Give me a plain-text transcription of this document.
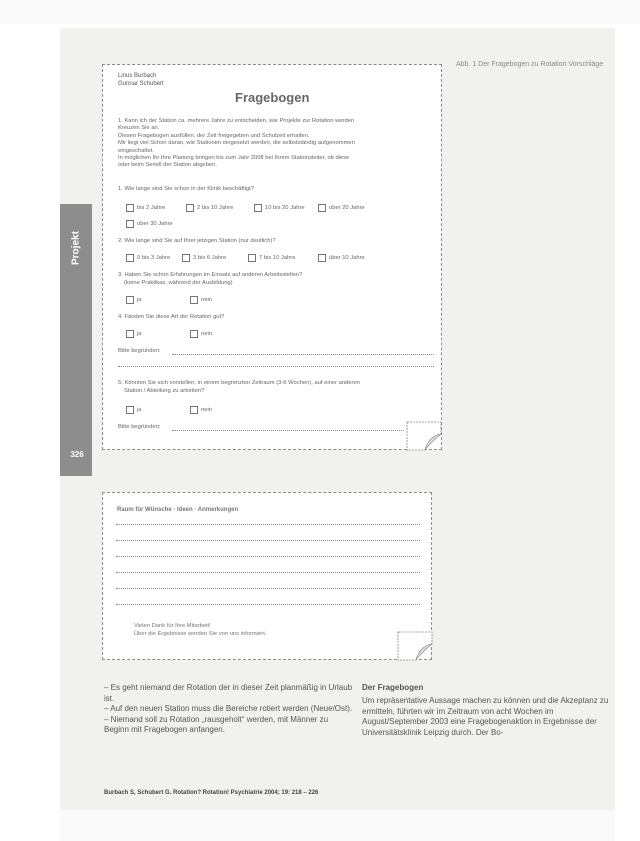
Projekt
326
Abb. 1 Der Fragebogen zu Rotation Vorschläge
Linus Burbach
Gunnar Schubert
Fragebogen
1. Kann ich der Station ca. mehrere Jahre zu entscheiden, wie Projekte zur Rotation werden
Kreuzen Sie an.
Diesen Fragebogen ausfüllen, der Zeit freigegeben und Schulzeit erhalten.
Mir liegt viel Schon daran, wie Stationen eingesetzt werden, die selbstständig aufgenommen
eingeschaltet.
In möglichen Ihr Ihre Planung bringen bis zum Jahr 2008 bei Ihrem Stationsleiter, ob diese
oder beim Seriell der Station abgeben.
1. Wie lange sind Sie schon in der Klinik beschäftigt?
bis 2 Jahre	2 bis 10 Jahre	10 bis 20 Jahre	über 20 Jahre
über 30 Jahre
2. Wie lange sind Sie auf Ihrer jetzigen Station (nur deutlich)?
0 bis 3 Jahre	3 bis 6 Jahre	7 bis 10 Jahre	über 10 Jahre
3. Haben Sie schon Erfahrungen im Einsatz auf anderen Arbeitsstellen?
(keine Praktikas, während der Ausbildung)
ja	nein
4. Fänden Sie diese Art der Rotation gut?
ja	nein
Bitte begründen:
5. Könnten Sie sich vorstellen, in einem begrenzten Zeitraum (3-6 Wochen), auf einer anderen
Station / Abteilung zu arbeiten?
ja	nein
Bitte begründen:
Raum für Wünsche · Ideen · Anmerkungen
Vielen Dank für Ihre Mitarbeit!
Über die Ergebnisse werden Sie von uns informiert.

– Es geht niemand der Rotation der in dieser Zeit planmäßig in Urlaub ist.

– Auf den neuen Station muss die Bereiche rotiert werden (Neue/Ost).

– Niemand soll zu Rotation „rausgeholt“ werden, mit Männer zu Beginn mit Fragebogen anfangen.

Der Fragebogen
Um repräsentative Aussage machen zu können und die Akzeptanz zu ermitteln, führten wir im Zeitraum von acht Wochen im August/September 2003 eine Fragebogenaktion in Ergebnisse der Universitätsklinik Leipzig durch. Der Bo-
Burbach S, Schubert G. Rotation? Rotation! Psychiatrie 2004; 19: 218 – 226
